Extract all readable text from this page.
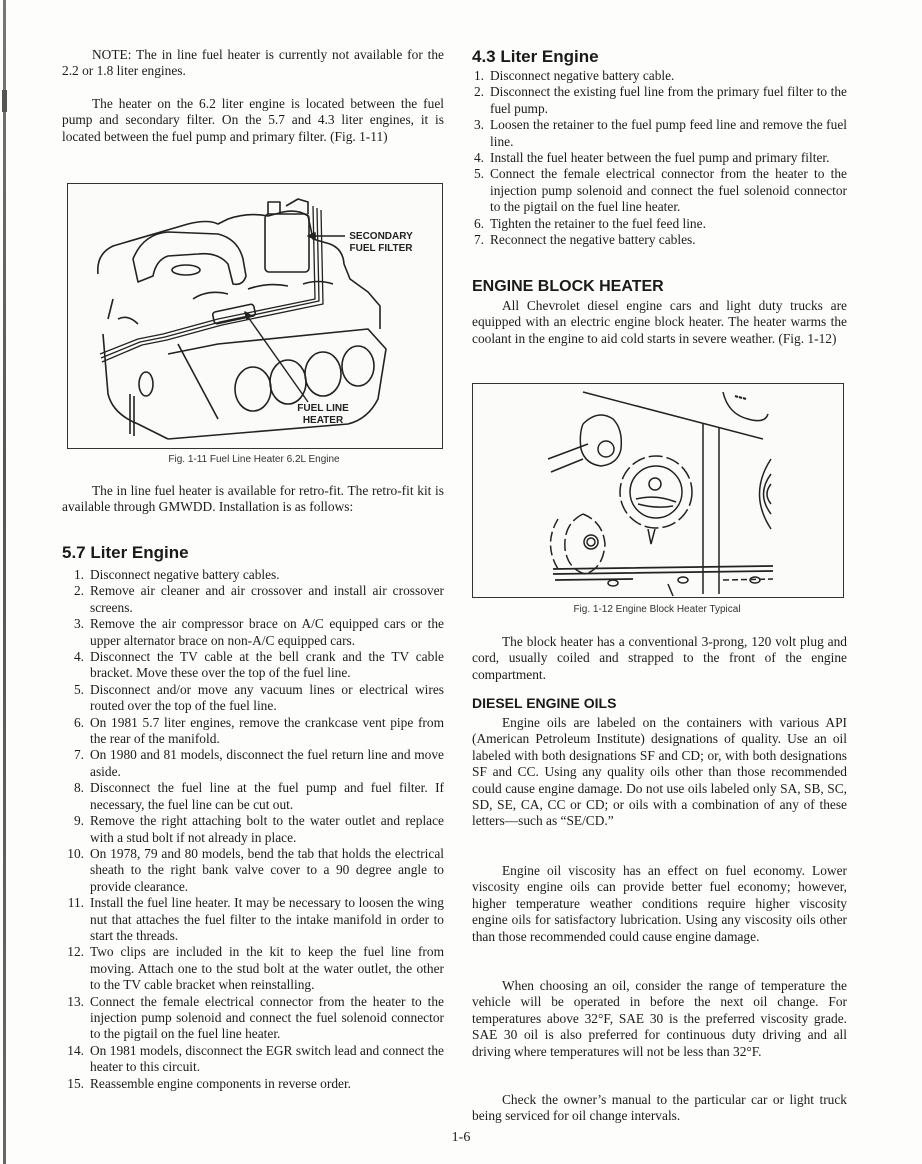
NOTE: The in line fuel heater is currently not available for the 2.2 or 1.8 liter engines.

The heater on the 6.2 liter engine is located between the fuel pump and secondary filter. On the 5.7 and 4.3 liter engines, it is located between the fuel pump and primary filter. (Fig. 1-11)

SECONDARY
FUEL FILTER
FUEL LINE
HEATER
Fig. 1-11 Fuel Line Heater 6.2L Engine

The in line fuel heater is available for retro-fit. The retro-fit kit is available through GMWDD. Installation is as follows:

5.7 Liter Engine
1. Disconnect negative battery cables.
2. Remove air cleaner and air crossover and install air crossover screens.
3. Remove the air compressor brace on A/C equipped cars or the upper alternator brace on non-A/C equipped cars.
4. Disconnect the TV cable at the bell crank and the TV cable bracket. Move these over the top of the fuel line.
5. Disconnect and/or move any vacuum lines or electrical wires routed over the top of the fuel line.
6. On 1981 5.7 liter engines, remove the crankcase vent pipe from the rear of the manifold.
7. On 1980 and 81 models, disconnect the fuel return line and move aside.
8. Disconnect the fuel line at the fuel pump and fuel filter. If necessary, the fuel line can be cut out.
9. Remove the right attaching bolt to the water outlet and replace with a stud bolt if not already in place.
10. On 1978, 79 and 80 models, bend the tab that holds the electrical sheath to the right bank valve cover to a 90 degree angle to provide clearance.
11. Install the fuel line heater. It may be necessary to loosen the wing nut that attaches the fuel filter to the intake manifold in order to start the threads.
12. Two clips are included in the kit to keep the fuel line from moving. Attach one to the stud bolt at the water outlet, the other to the TV cable bracket when reinstalling.
13. Connect the female electrical connector from the heater to the injection pump solenoid and connect the fuel solenoid connector to the pigtail on the fuel line heater.
14. On 1981 models, disconnect the EGR switch lead and connect the heater to this circuit.
15. Reassemble engine components in reverse order.
4.3 Liter Engine
1. Disconnect negative battery cable.
2. Disconnect the existing fuel line from the primary fuel filter to the fuel pump.
3. Loosen the retainer to the fuel pump feed line and remove the fuel line.
4. Install the fuel heater between the fuel pump and primary filter.
5. Connect the female electrical connector from the heater to the injection pump solenoid and connect the fuel solenoid connector to the pigtail on the fuel line heater.
6. Tighten the retainer to the fuel feed line.
7. Reconnect the negative battery cables.
ENGINE BLOCK HEATER

All Chevrolet diesel engine cars and light duty trucks are equipped with an electric engine block heater. The heater warms the coolant in the engine to aid cold starts in severe weather. (Fig. 1-12)

Fig. 1-12 Engine Block Heater Typical

The block heater has a conventional 3-prong, 120 volt plug and cord, usually coiled and strapped to the front of the engine compartment.

DIESEL ENGINE OILS

Engine oils are labeled on the containers with various API (American Petroleum Institute) designations of quality. Use an oil labeled with both designations SF and CD; or, with both designations SF and CC. Using any quality oils other than those recommended could cause engine damage. Do not use oils labeled only SA, SB, SC, SD, SE, CA, CC or CD; or oils with a combination of any of these letters—such as “SE/CD.”

Engine oil viscosity has an effect on fuel economy. Lower viscosity engine oils can provide better fuel economy; however, higher temperature weather conditions require higher viscosity engine oils for satisfactory lubrication. Using any viscosity oils other than those recommended could cause engine damage.

When choosing an oil, consider the range of temperature the vehicle will be operated in before the next oil change. For temperatures above 32°F, SAE 30 is the preferred viscosity grade. SAE 30 oil is also preferred for continuous duty driving and all driving where temperatures will not be less than 32°F.

Check the owner’s manual to the particular car or light truck being serviced for oil change intervals.

1-6
